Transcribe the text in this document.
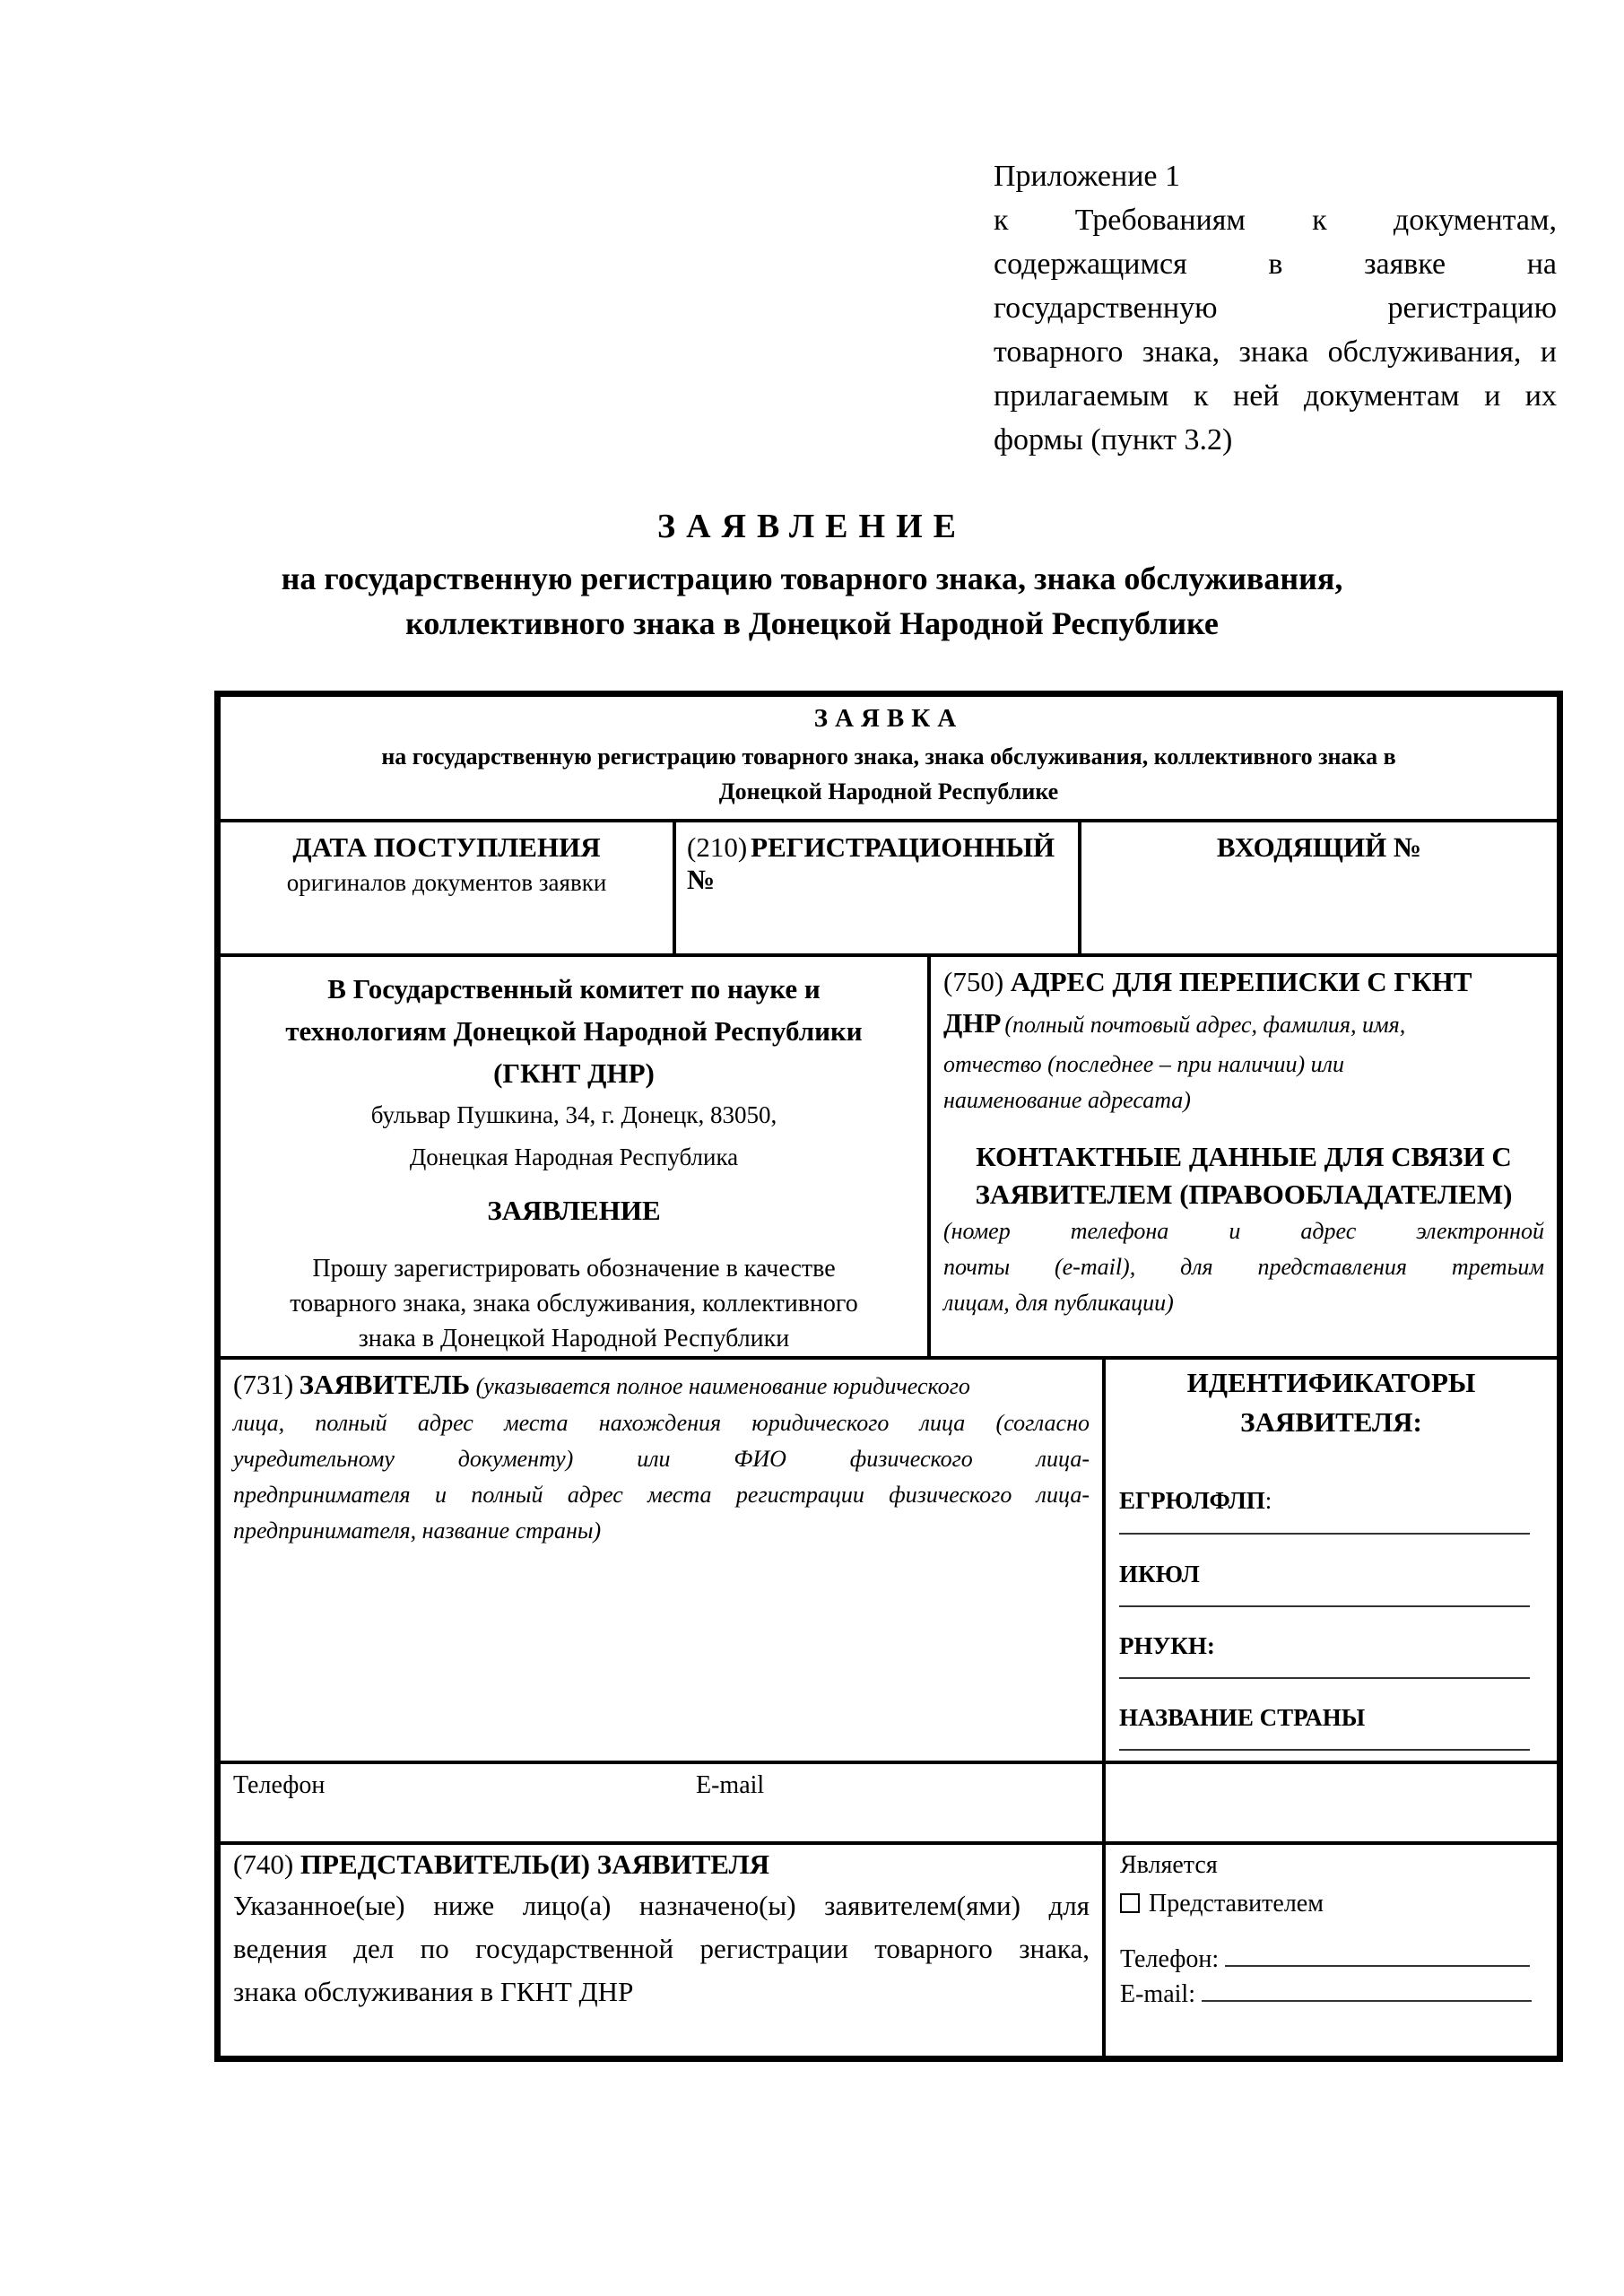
Приложение 1
к Требованиям к документам,
содержащимся в заявке на
государственную регистрацию
товарного знака, знака обслуживания, и
прилагаемым к ней документам и их
формы (пункт 3.2)
ЗАЯВЛЕНИЕ
на государственную регистрацию товарного знака, знака обслуживания,
коллективного знака в Донецкой Народной Республике
ЗАЯВКА
на государственную регистрацию товарного знака, знака обслуживания, коллективного знака в
Донецкой Народной Республике
ДАТА ПОСТУПЛЕНИЯ
оригиналов документов заявки
(210) РЕГИСТРАЦИОННЫЙ №
ВХОДЯЩИЙ №
В Государственный комитет по науке и
технологиям Донецкой Народной Республики
(ГКНТ ДНР)
бульвар Пушкина, 34, г. Донецк, 83050,
Донецкая Народная Республика
ЗАЯВЛЕНИЕ
Прошу зарегистрировать обозначение в качестве
товарного знака, знака обслуживания, коллективного
знака в Донецкой Народной Республики
(750) АДРЕС ДЛЯ ПЕРЕПИСКИ С ГКНТ
ДНР (полный почтовый адрес, фамилия, имя,
отчество (последнее – при наличии) или
наименование адресата)
КОНТАКТНЫЕ ДАННЫЕ ДЛЯ СВЯЗИ С
ЗАЯВИТЕЛЕМ (ПРАВООБЛАДАТЕЛЕМ)
(номер телефона и адрес электронной
почты (e-mail), для представления третьим
лицам, для публикации)
(731) ЗАЯВИТЕЛЬ (указывается полное наименование юридического
лица, полный адрес места нахождения юридического лица (согласно
учредительному документу) или ФИО физического лица-
предпринимателя и полный адрес места регистрации физического лица-
предпринимателя, название страны)
ИДЕНТИФИКАТОРЫ
ЗАЯВИТЕЛЯ:
ЕГРЮЛФЛП:
ИКЮЛ
РНУКН:
НАЗВАНИЕ СТРАНЫ
Телефон	E-mail
(740) ПРЕДСТАВИТЕЛЬ(И) ЗАЯВИТЕЛЯ
Указанное(ые) ниже лицо(а) назначено(ы) заявителем(ями) для
ведения дел по государственной регистрации товарного знака,
знака обслуживания в ГКНТ ДНР
Является
Представителем
Телефон:
E-mail:
